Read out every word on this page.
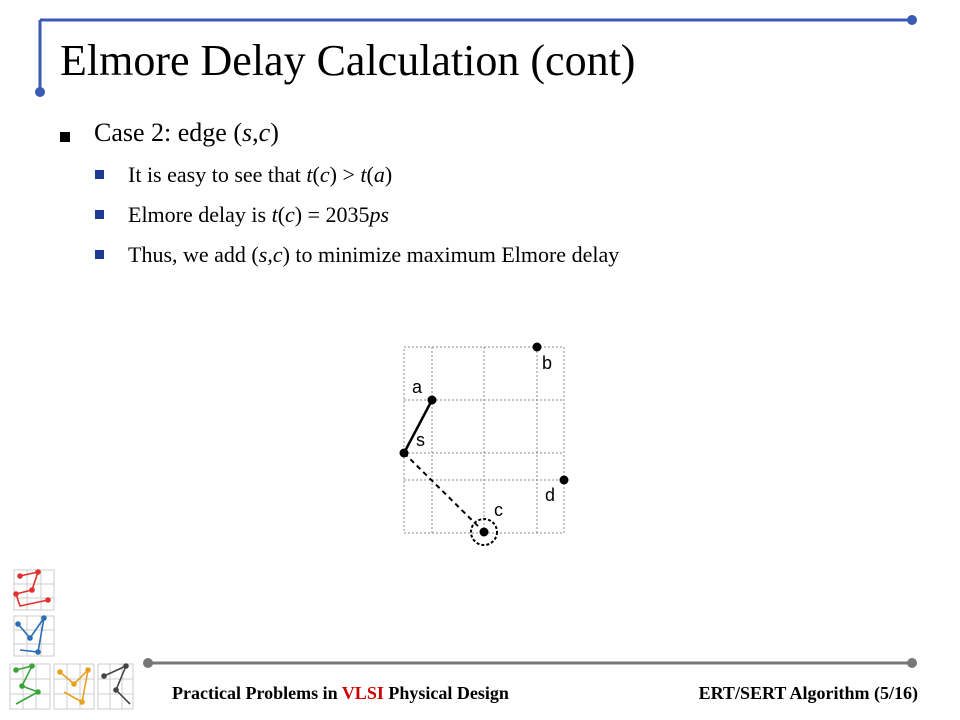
Elmore Delay Calculation (cont)
Case 2: edge (s,c)
It is easy to see that t(c) > t(a)
Elmore delay is t(c) = 2035ps
Thus, we add (s,c) to minimize maximum Elmore delay
a
b
s
d
c
Practical Problems in VLSI Physical Design	ERT/SERT Algorithm (5/16)
